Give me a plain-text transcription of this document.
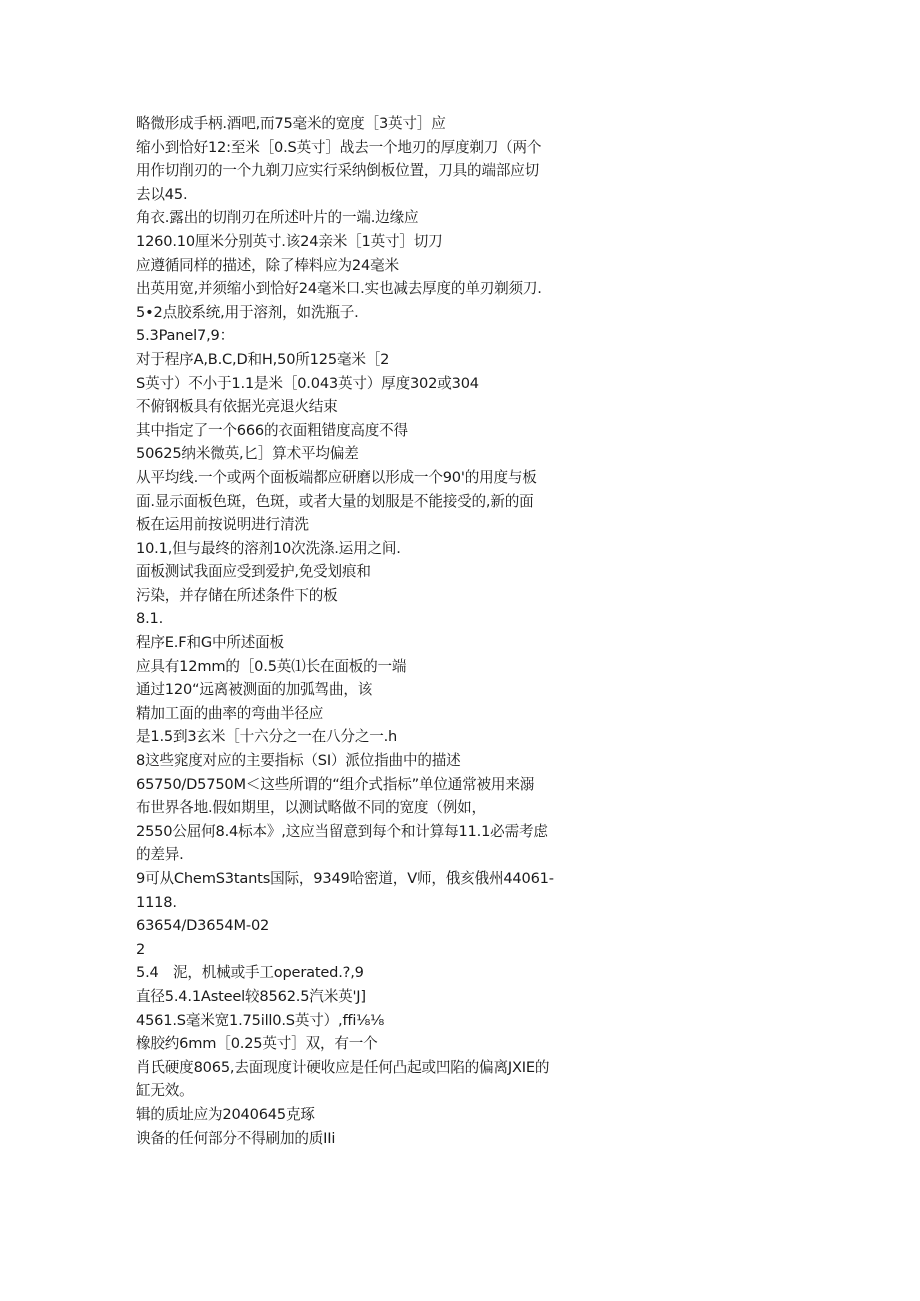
略微形成手柄.酒吧,而75毫米的宽度［3英寸］应
缩小到恰好12:至米［0.S英寸］战去一个地刃的厚度剃刀（两个
用作切削刃的一个九剃刀应实行采纳倒板位置，刀具的端部应切
去以45.
角衣.露出的切削刃在所述叶片的一端.边缘应
1260.10厘米分别英寸.该24亲米［1英寸］切刀
应遵循同样的描述，除了棒料应为24毫米
出英用宽,并须缩小到恰好24毫米口.实也减去厚度的单刃剃须刀.
5•2点胶系统,用于溶剂，如洗瓶子.
5.3Panel7,9：
对于程序A,B.C,D和H,50所125毫米［2
S英寸）不小于1.1是米［0.043英寸）厚度302或304
不俯钢板具有依据光亮退火结束
其中指定了一个666的衣面粗错度高度不得
50625纳米微英,匕］算术平均偏差
从平均线.一个或两个面板端都应研磨以形成一个90'的用度与板
面.显示面板色斑，色斑，或者大量的划服是不能接受的,新的面
板在运用前按说明进行清洗
10.1,但与最终的溶剂10次洗涤.运用之间.
面板测试我面应受到爱护,免受划痕和
污染，并存储在所述条件下的板
8.1.
程序E.F和G中所述面板
应具有12mm的［0.5英⑴长在面板的一端
通过120“远离被测面的加弧驾曲，该
精加工面的曲率的弯曲半径应
是1.5到3玄米［十六分之一在八分之一.h
8这些窕度对应的主要指标（SI）派位指曲中的描述
65750/D5750M＜这些所谓的“组介式指标”单位通常被用来溺
布世界各地.假如期里，以测试略做不同的宽度（例如，
2550公屈何8.4标本》,这应当留意到每个和计算每11.1必需考虑
的差异.
9可从ChemS3tants国际，9349哈密道，V师，俄亥俄州44061-
1118.
63654/D3654M-02
2
5.4　泥，机械或手工operated.?,9
直径5.4.1Asteel较8562.5汽米英'J]
4561.S毫米宽1.75ill0.S英寸）,ffi⅛⅛
橡胶约6mm［0.25英寸］双，有一个
肖氏硬度8065,去面现度计硬收应是任何凸起或凹陷的偏离JXIE的
缸无效。
辑的质址应为2040645克琢
谀备的任何部分不得刷加的质IIi
